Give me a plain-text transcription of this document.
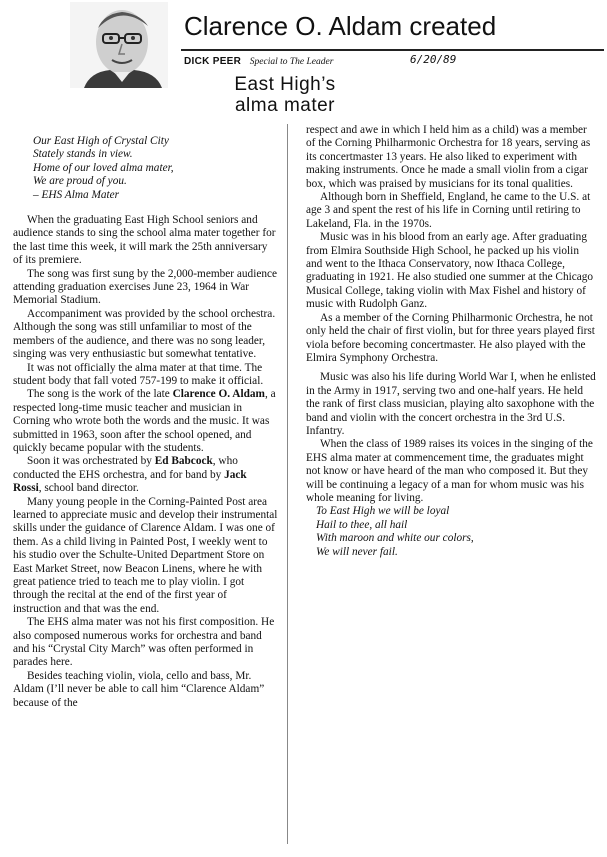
Clarence O. Aldam created
DICK PEER Special to The Leader	6/20/89
East High’s
alma mater

Our East High of Crystal City
Stately stands in view.
Home of our loved alma mater,
We are proud of you.
– EHS Alma Mater

When the graduating East High School seniors and audience stands to sing the school alma mater together for the last time this week, it will mark the 25th anniversary of its premiere.

The song was first sung by the 2,000-member audience attending graduation exercises June 23, 1964 in War Memorial Stadium.

Accompaniment was provided by the school orchestra. Although the song was still unfamiliar to most of the members of the audience, and there was no song leader, singing was very enthusiastic but somewhat tentative.

It was not officially the alma mater at that time. The student body that fall voted 757-199 to make it official.

The song is the work of the late Clarence O. Aldam, a respected long-time music teacher and musician in Corning who wrote both the words and the music. It was submitted in 1963, soon after the school opened, and quickly became popular with the students.

Soon it was orchestrated by Ed Babcock, who conducted the EHS orchestra, and for band by Jack Rossi, school band director.

Many young people in the Corning-Painted Post area learned to appreciate music and develop their instrumental skills under the guidance of Clarence Aldam. I was one of them. As a child living in Painted Post, I weekly went to his studio over the Schulte-United Department Store on East Market Street, now Beacon Linens, where he with great patience tried to teach me to play violin. I got through the recital at the end of the first year of instruction and that was the end.

The EHS alma mater was not his first composition. He also composed numerous works for orchestra and band and his “Crystal City March” was often performed in parades here.

Besides teaching violin, viola, cello and bass, Mr. Aldam (I’ll never be able to call him “Clarence Aldam” because of the

respect and awe in which I held him as a child) was a member of the Corning Philharmonic Orchestra for 18 years, serving as its concertmaster 13 years. He also liked to experiment with making instruments. Once he made a small violin from a cigar box, which was praised by musicians for its tonal qualities.

Although born in Sheffield, England, he came to the U.S. at age 3 and spent the rest of his life in Corning until retiring to Lakeland, Fla. in the 1970s.

Music was in his blood from an early age. After graduating from Elmira Southside High School, he packed up his violin and went to the Ithaca Conservatory, now Ithaca College, graduating in 1921. He also studied one summer at the Chicago Musical College, taking violin with Max Fishel and history of music with Rudolph Ganz.

As a member of the Corning Philharmonic Orchestra, he not only held the chair of first violin, but for three years played first viola before becoming concertmaster. He also played with the Elmira Symphony Orchestra.

Music was also his life during World War I, when he enlisted in the Army in 1917, serving two and one-half years. He held the rank of first class musician, playing alto saxophone with the band and violin with the concert orchestra in the 3rd U.S. Infantry.

When the class of 1989 raises its voices in the singing of the EHS alma mater at commencement time, the graduates might not know or have heard of the man who composed it. But they will be continuing a legacy of a man for whom music was his whole meaning for living.

To East High we will be loyal
Hail to thee, all hail
With maroon and white our colors,
We will never fail.
